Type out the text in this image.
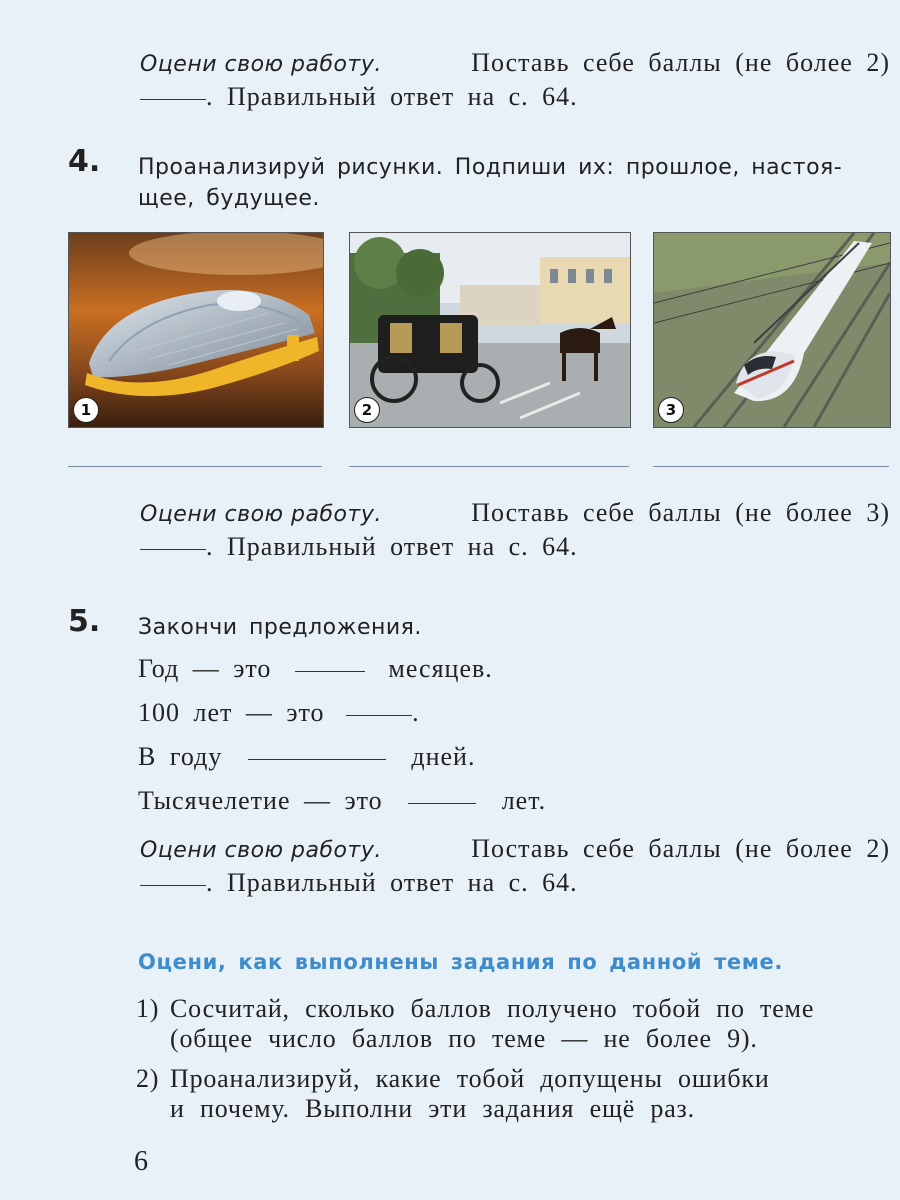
Оцени свою работу.	Поставь себе баллы (не более 2)
. Правильный ответ на с. 64.
4. Проанализируй рисунки. Подпиши их: прошлое, настоя-
щее, будущее.
1	2	3
Оцени свою работу.	Поставь себе баллы (не более 3)
. Правильный ответ на с. 64.
5. Закончи предложения.
Год — это	месяцев.
100 лет — это	.
В году	дней.
Тысячелетие — это	лет.
Оцени свою работу.	Поставь себе баллы (не более 2)
. Правильный ответ на с. 64.
Оцени, как выполнены задания по данной теме.
1) Сосчитай, сколько баллов получено тобой по теме
(общее число баллов по теме — не более 9).
2) Проанализируй, какие тобой допущены ошибки
и почему. Выполни эти задания ещё раз.
6
